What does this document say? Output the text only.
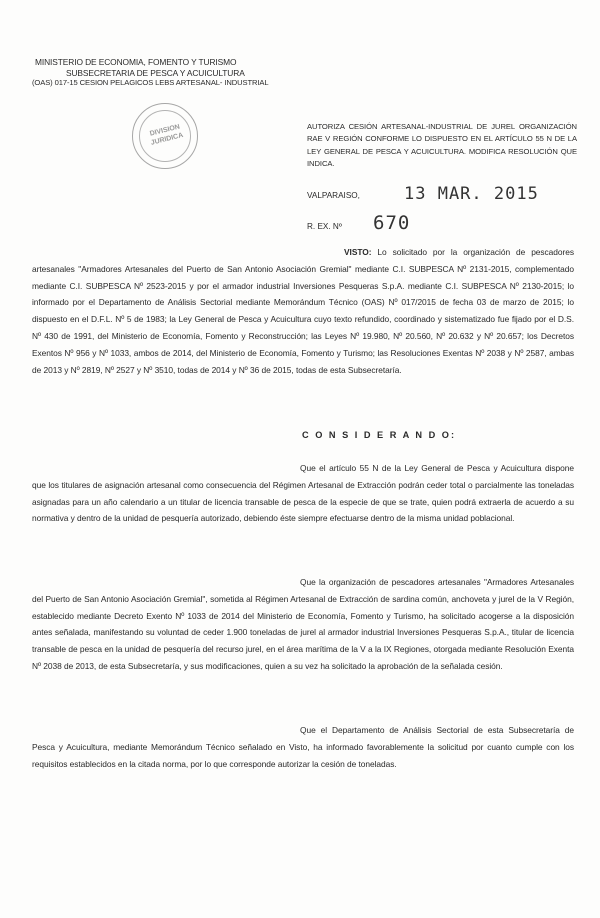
MINISTERIO DE ECONOMIA, FOMENTO Y TURISMO
SUBSECRETARIA DE PESCA Y ACUICULTURA
(OAS) 017-15 CESION PELAGICOS LEBS ARTESANAL- INDUSTRIAL
DIVISION JURIDICA
AUTORIZA CESIÓN ARTESANAL-INDUSTRIAL DE JUREL ORGANIZACIÓN RAE V REGIÓN CONFORME LO DISPUESTO EN EL ARTÍCULO 55 N DE LA LEY GENERAL DE PESCA Y ACUICULTURA. MODIFICA RESOLUCIÓN QUE INDICA.
VALPARAISO,	13 MAR. 2015
R. EX. Nº 670
VISTO: Lo solicitado por la organización de pescadores artesanales "Armadores Artesanales del Puerto de San Antonio Asociación Gremial" mediante C.I. SUBPESCA Nº 2131-2015, complementado mediante C.I. SUBPESCA Nº 2523-2015 y por el armador industrial Inversiones Pesqueras S.p.A. mediante C.I. SUBPESCA Nº 2130-2015; lo informado por el Departamento de Análisis Sectorial mediante Memorándum Técnico (OAS) Nº 017/2015 de fecha 03 de marzo de 2015; lo dispuesto en el D.F.L. Nº 5 de 1983; la Ley General de Pesca y Acuicultura cuyo texto refundido, coordinado y sistematizado fue fijado por el D.S. Nº 430 de 1991, del Ministerio de Economía, Fomento y Reconstrucción; las Leyes Nº 19.980, Nº 20.560, Nº 20.632 y Nº 20.657; los Decretos Exentos Nº 956 y Nº 1033, ambos de 2014, del Ministerio de Economía, Fomento y Turismo; las Resoluciones Exentas Nº 2038 y Nº 2587, ambas de 2013 y Nº 2819, Nº 2527 y Nº 3510, todas de 2014 y Nº 36 de 2015, todas de esta Subsecretaría.
C O N S I D E R A N D O:
Que el artículo 55 N de la Ley General de Pesca y Acuicultura dispone que los titulares de asignación artesanal como consecuencia del Régimen Artesanal de Extracción podrán ceder total o parcialmente las toneladas asignadas para un año calendario a un titular de licencia transable de pesca de la especie de que se trate, quien podrá extraerla de acuerdo a su normativa y dentro de la unidad de pesquería autorizado, debiendo éste siempre efectuarse dentro de la misma unidad poblacional.
Que la organización de pescadores artesanales "Armadores Artesanales del Puerto de San Antonio Asociación Gremial", sometida al Régimen Artesanal de Extracción de sardina común, anchoveta y jurel de la V Región, establecido mediante Decreto Exento Nº 1033 de 2014 del Ministerio de Economía, Fomento y Turismo, ha solicitado acogerse a la disposición antes señalada, manifestando su voluntad de ceder 1.900 toneladas de jurel al armador industrial Inversiones Pesqueras S.p.A., titular de licencia transable de pesca en la unidad de pesquería del recurso jurel, en el área marítima de la V a la IX Regiones, otorgada mediante Resolución Exenta Nº 2038 de 2013, de esta Subsecretaría, y sus modificaciones, quien a su vez ha solicitado la aprobación de la señalada cesión.
Que el Departamento de Análisis Sectorial de esta Subsecretaría de Pesca y Acuicultura, mediante Memorándum Técnico señalado en Visto, ha informado favorablemente la solicitud por cuanto cumple con los requisitos establecidos en la citada norma, por lo que corresponde autorizar la cesión de toneladas.
